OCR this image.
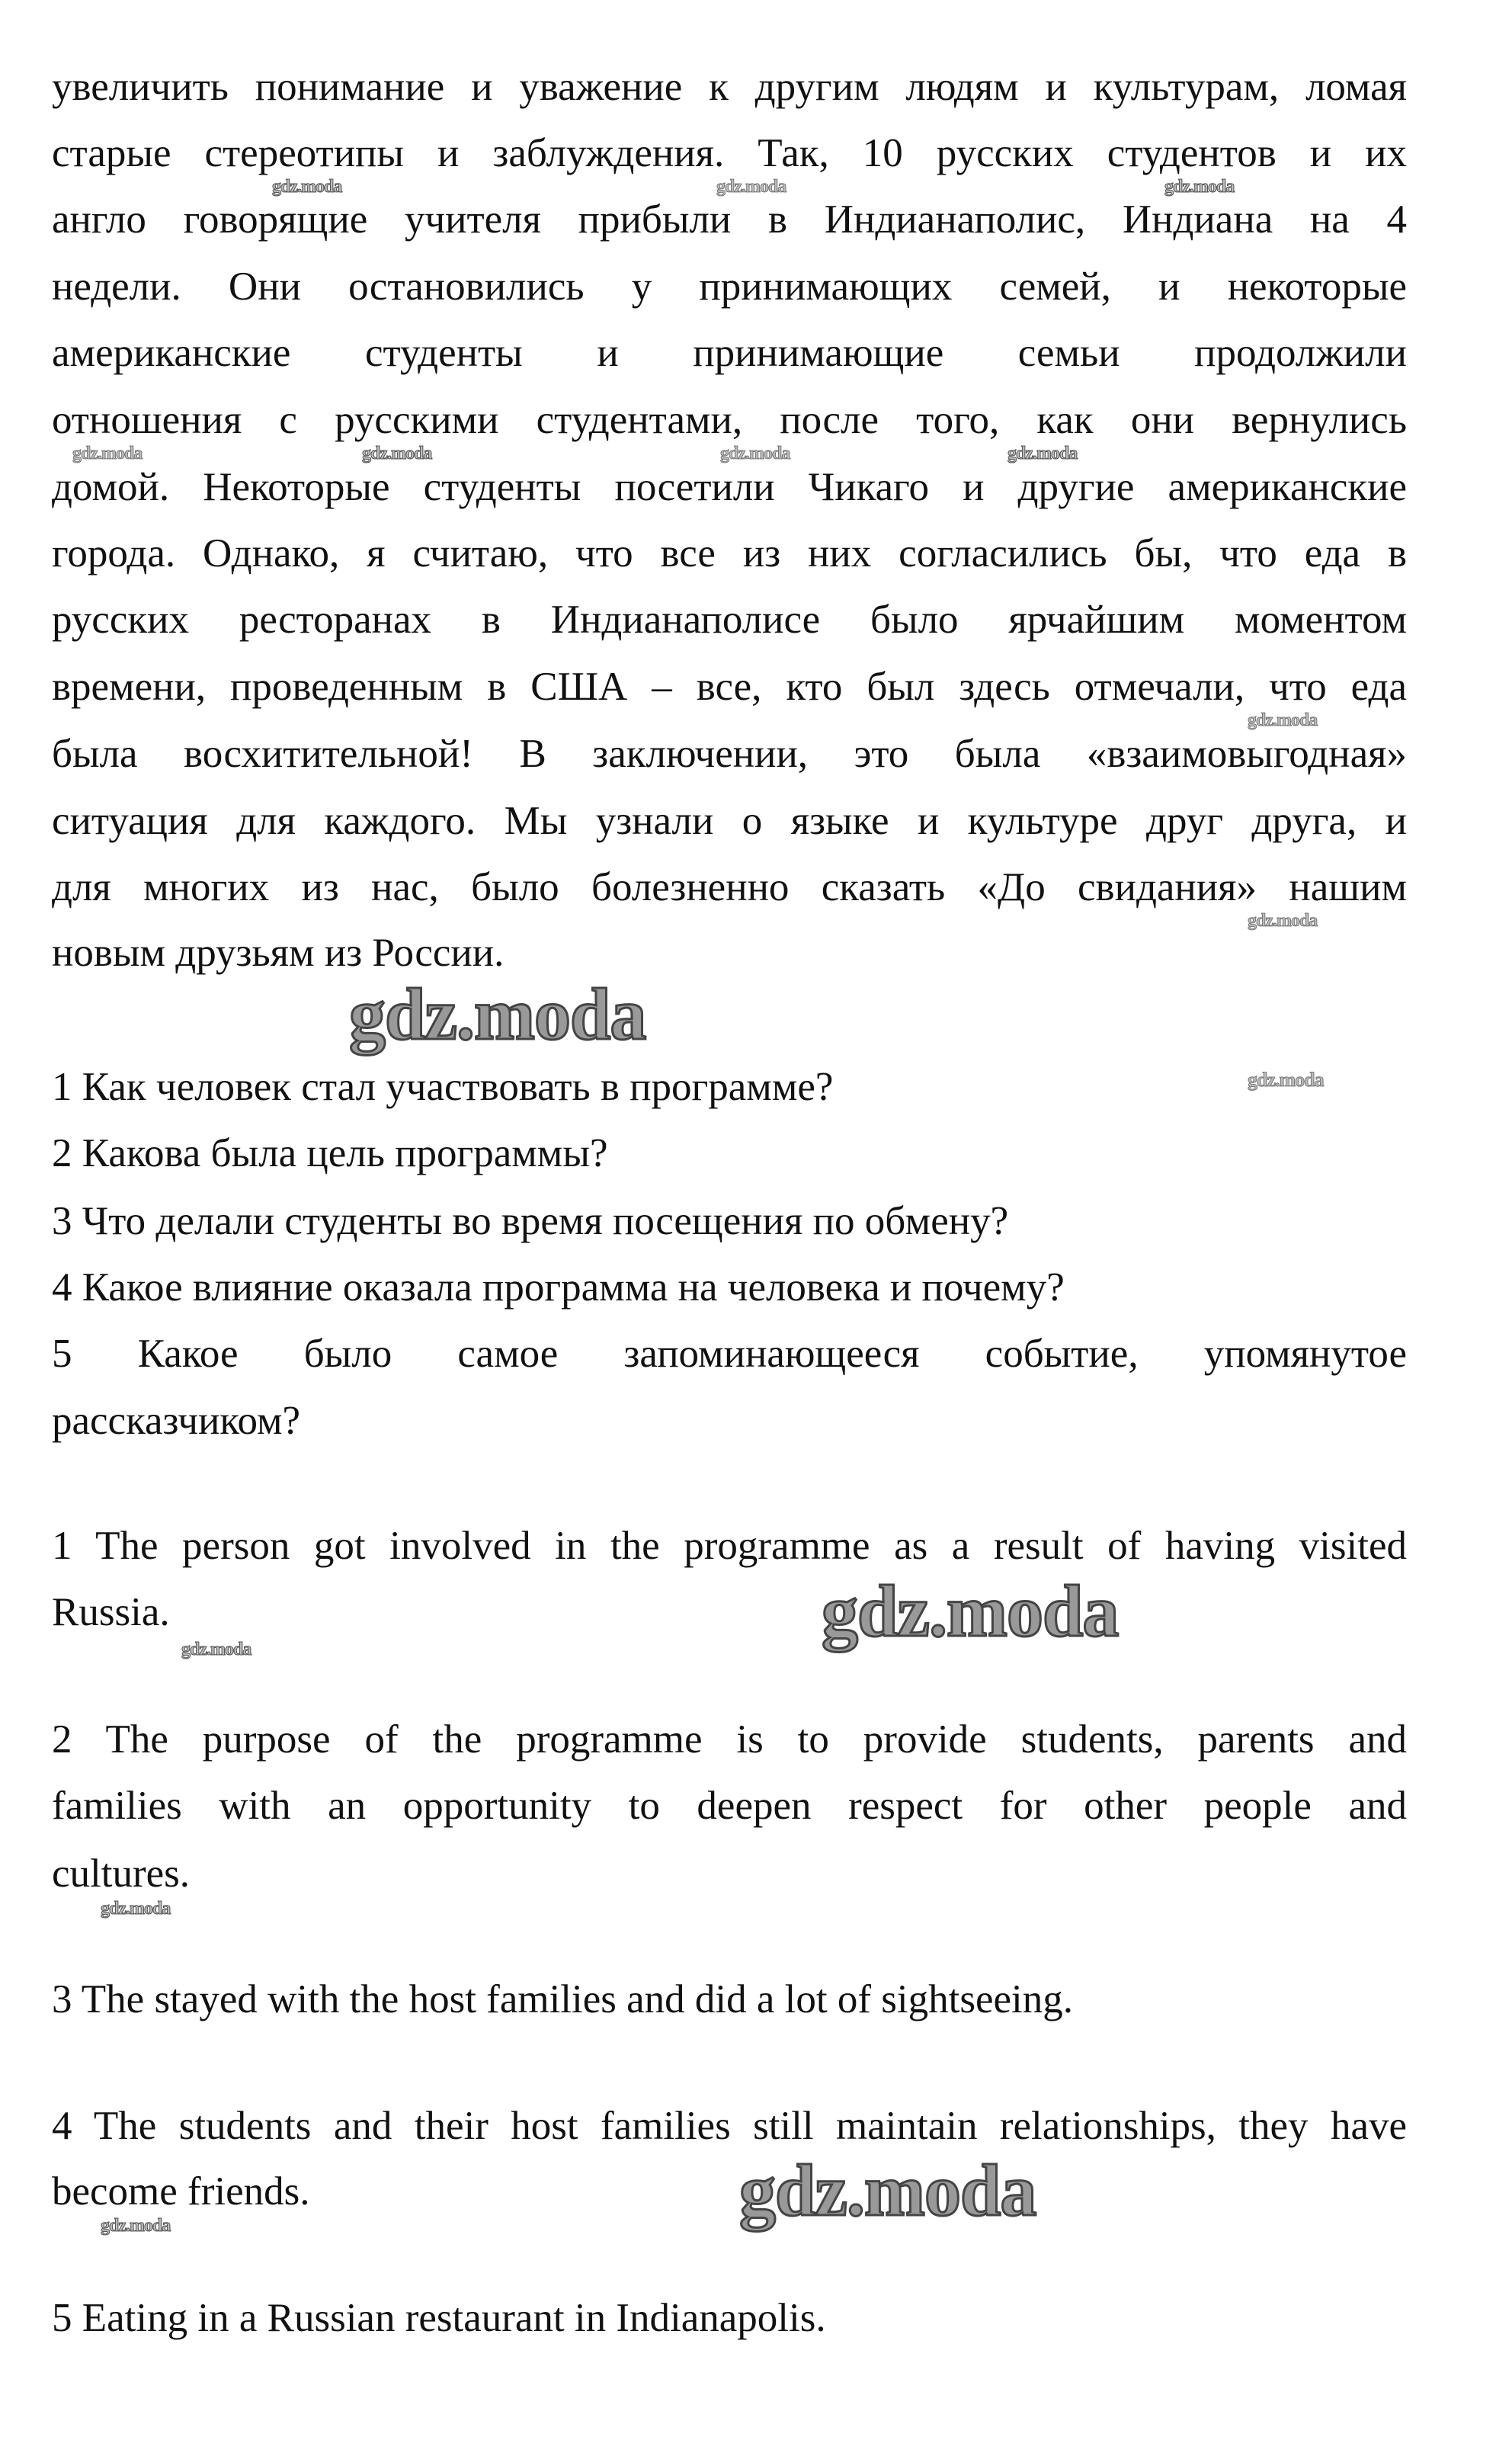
увеличить понимание и уважение к другим людям и культурам, ломая
старые стереотипы и заблуждения. Так, 10 русских студентов и их
англо говорящие учителя прибыли в Индианаполис, Индиана на 4
недели. Они остановились у принимающих семей, и некоторые
американские студенты и принимающие семьи продолжили
отношения с русскими студентами, после того, как они вернулись
домой. Некоторые студенты посетили Чикаго и другие американские
города. Однако, я считаю, что все из них согласились бы, что еда в
русских ресторанах в Индианаполисе было ярчайшим моментом
времени, проведенным в США – все, кто был здесь отмечали, что еда
была восхитительной! В заключении, это была «взаимовыгодная»
ситуация для каждого. Мы узнали о языке и культуре друг друга, и
для многих из нас, было болезненно сказать «До свидания» нашим
новым друзьям из России.
1 Как человек стал участвовать в программе?
2 Какова была цель программы?
3 Что делали студенты во время посещения по обмену?
4 Какое влияние оказала программа на человека и почему?
5 Какое было самое запоминающееся событие, упомянутое
рассказчиком?
1 The person got involved in the programme as a result of having visited
Russia.
2 The purpose of the programme is to provide students, parents and
families with an opportunity to deepen respect for other people and
cultures.
3 The stayed with the host families and did a lot of sightseeing.
4 The students and their host families still maintain relationships, they have
become friends.
5 Eating in a Russian restaurant in Indianapolis.
gdz.moda	gdz.moda	gdz.moda
gdz.moda	gdz.moda	gdz.moda	gdz.moda
gdz.moda
gdz.moda
gdz.moda
gdz.moda
gdz.moda
gdz.moda
gdz.moda
gdz.moda
gdz.moda
